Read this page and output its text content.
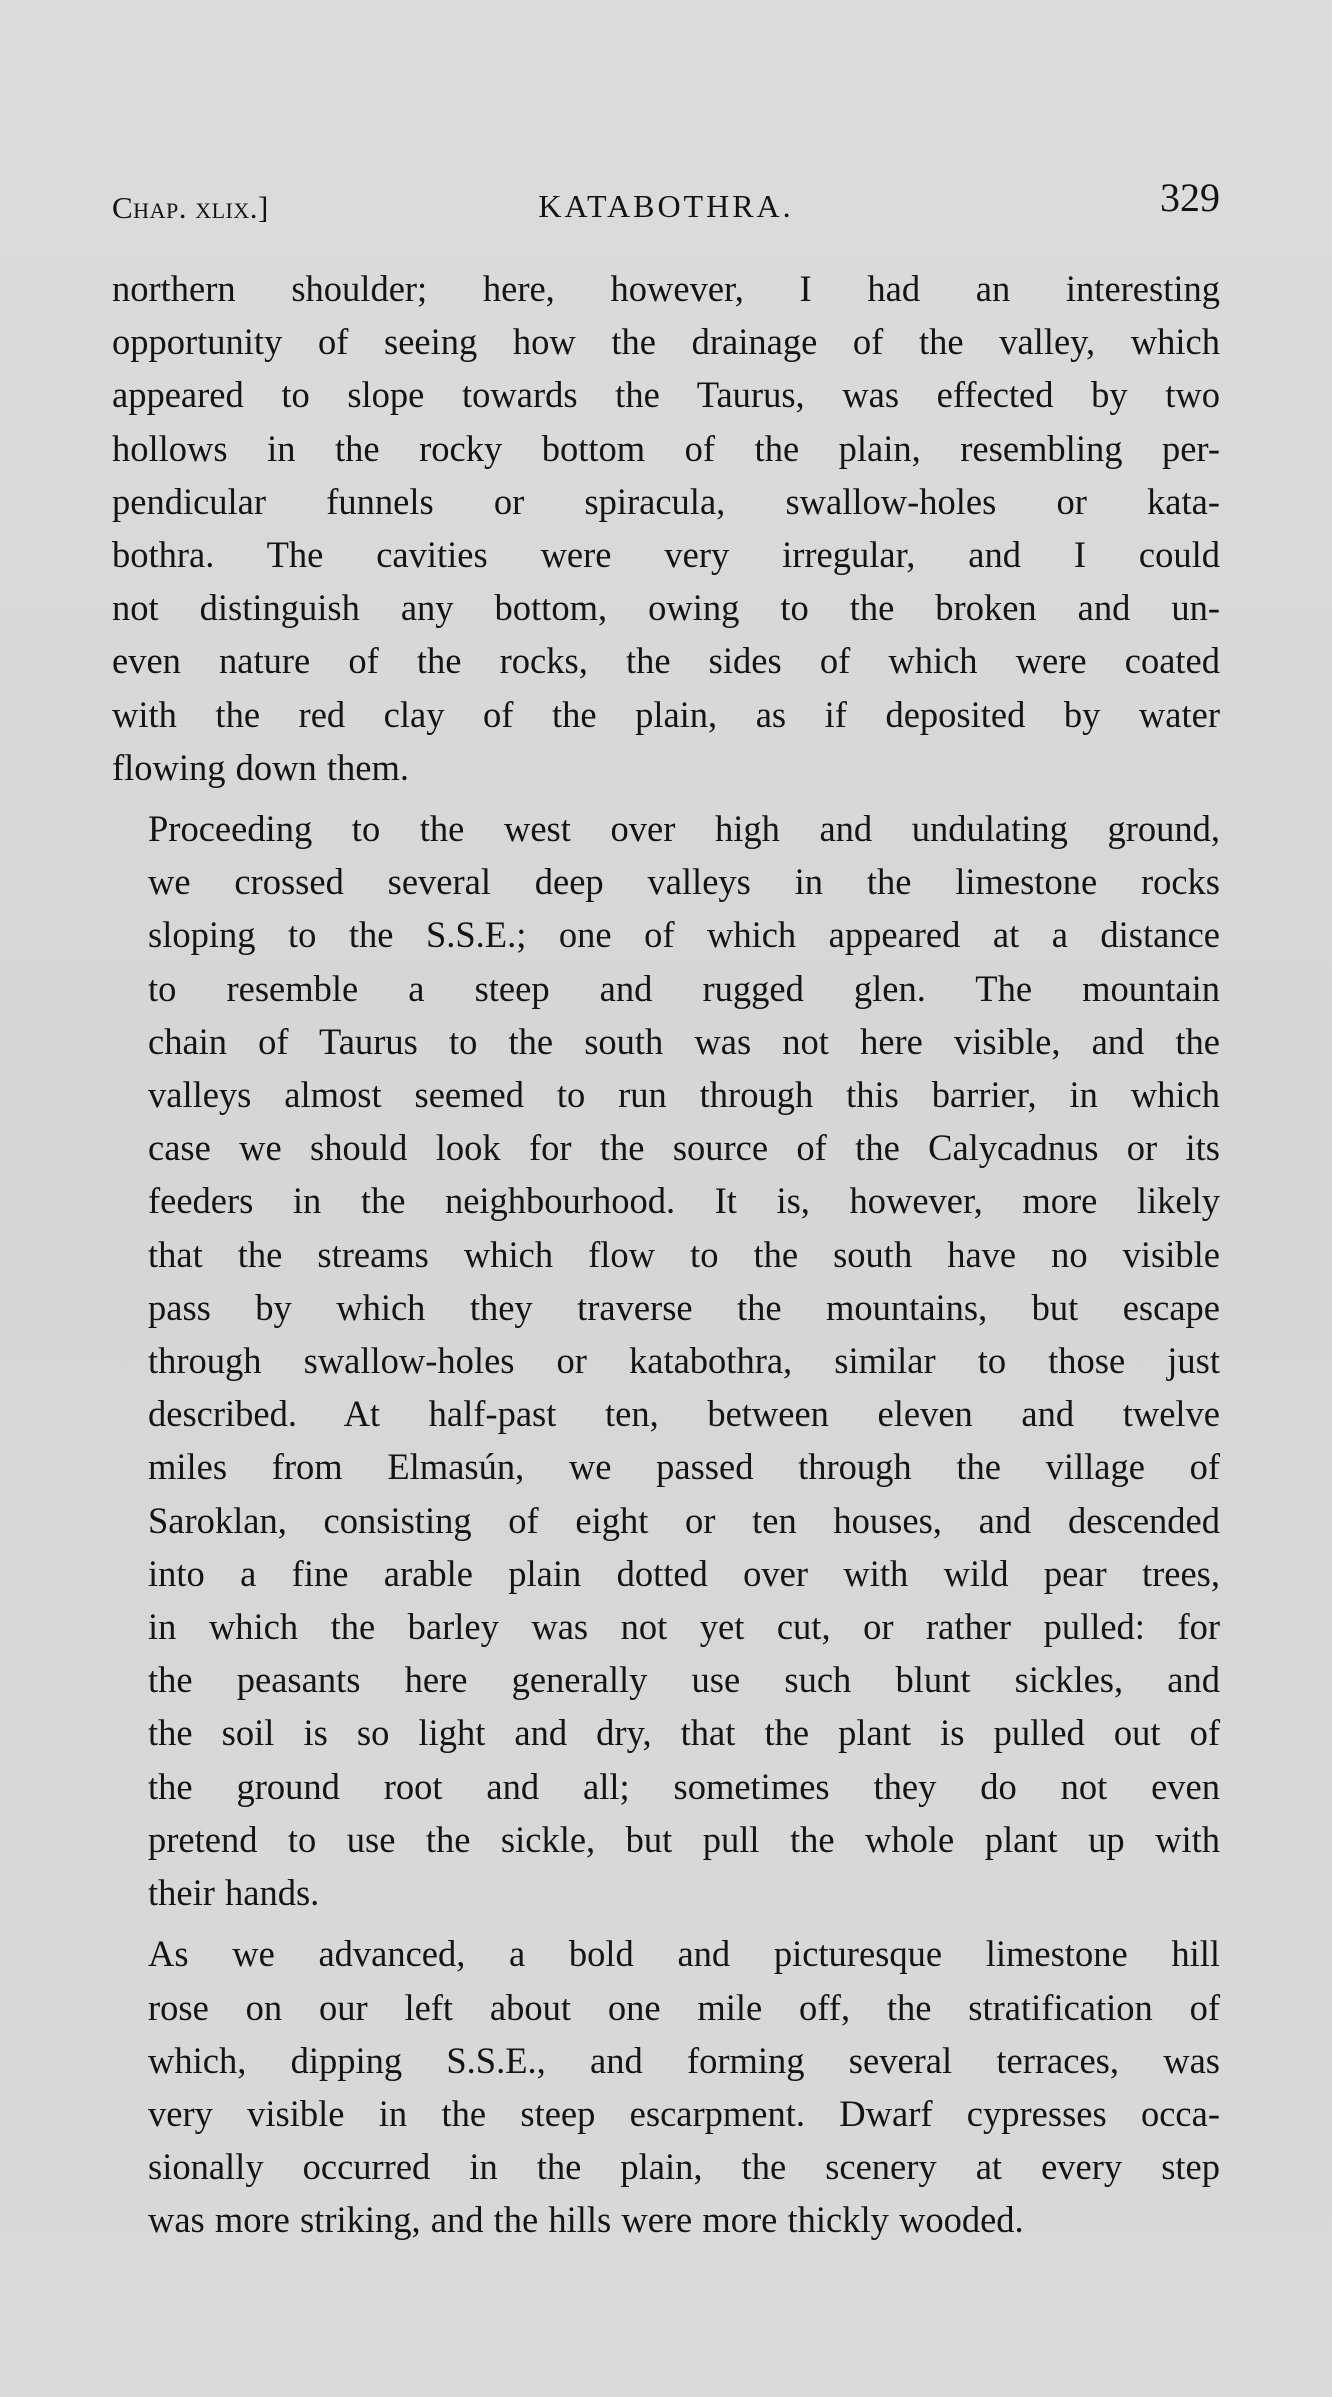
Chap. xlix.]	KATABOTHRA.	329

northern shoulder; here, however, I had an interesting
opportunity of seeing how the drainage of the valley, which
appeared to slope towards the Taurus, was effected by two
hollows in the rocky bottom of the plain, resembling per-
pendicular funnels or spiracula, swallow-holes or kata-
bothra. The cavities were very irregular, and I could
not distinguish any bottom, owing to the broken and un-
even nature of the rocks, the sides of which were coated
with the red clay of the plain, as if deposited by water
flowing down them.

Proceeding to the west over high and undulating ground,
we crossed several deep valleys in the limestone rocks
sloping to the S.S.E.; one of which appeared at a distance
to resemble a steep and rugged glen. The mountain
chain of Taurus to the south was not here visible, and the
valleys almost seemed to run through this barrier, in which
case we should look for the source of the Calycadnus or its
feeders in the neighbourhood. It is, however, more likely
that the streams which flow to the south have no visible
pass by which they traverse the mountains, but escape
through swallow-holes or katabothra, similar to those just
described. At half-past ten, between eleven and twelve
miles from Elmasún, we passed through the village of
Saroklan, consisting of eight or ten houses, and descended
into a fine arable plain dotted over with wild pear trees,
in which the barley was not yet cut, or rather pulled: for
the peasants here generally use such blunt sickles, and
the soil is so light and dry, that the plant is pulled out of
the ground root and all; sometimes they do not even
pretend to use the sickle, but pull the whole plant up with
their hands.

As we advanced, a bold and picturesque limestone hill
rose on our left about one mile off, the stratification of
which, dipping S.S.E., and forming several terraces, was
very visible in the steep escarpment. Dwarf cypresses occa-
sionally occurred in the plain, the scenery at every step
was more striking, and the hills were more thickly wooded.
